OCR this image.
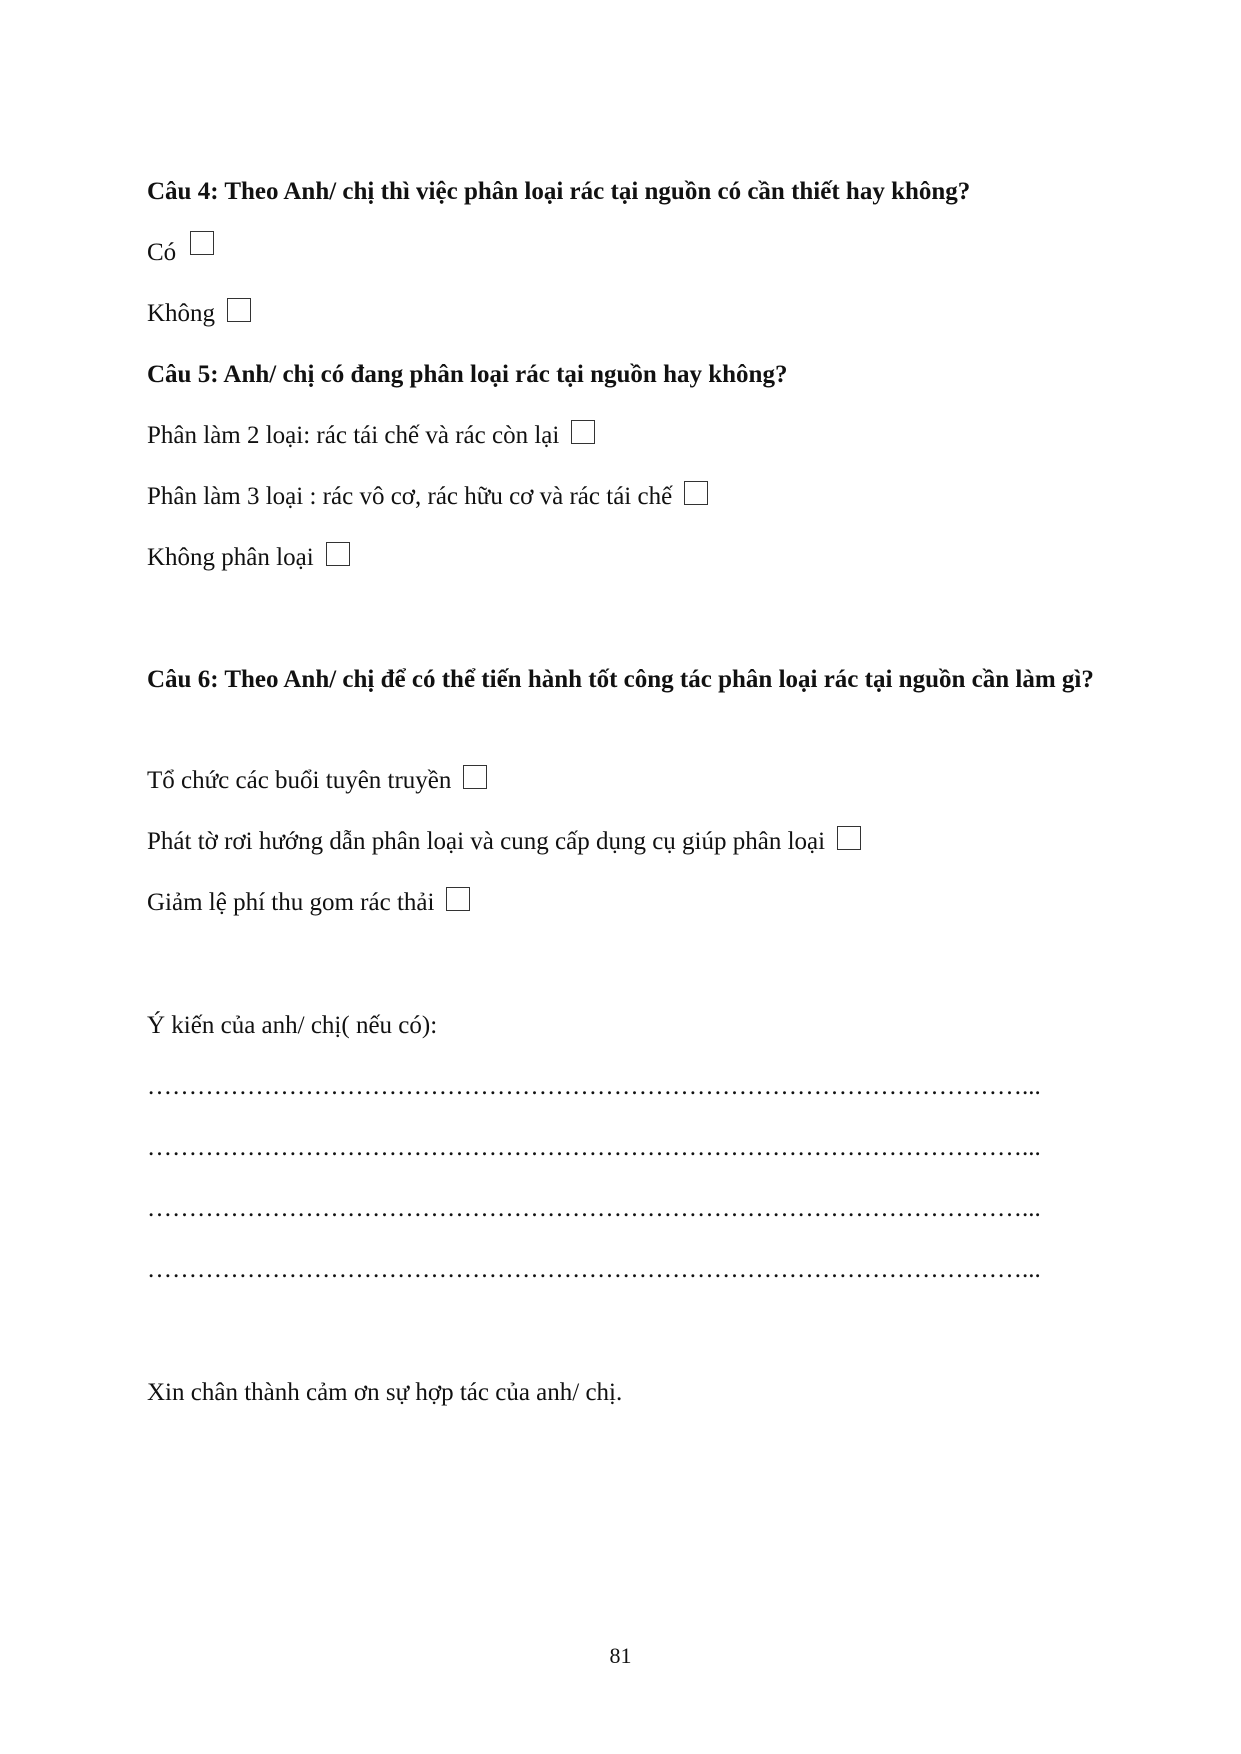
Câu 4: Theo Anh/ chị thì việc phân loại rác tại nguồn có cần thiết hay không?
Có
Không
Câu 5: Anh/ chị có đang phân loại rác tại nguồn hay không?
Phân làm 2 loại: rác tái chế và rác còn lại
Phân làm 3 loại : rác vô cơ, rác hữu cơ và rác tái chế
Không phân loại
Câu 6: Theo Anh/ chị để có thể tiến hành tốt công tác phân loại rác tại nguồn cần làm gì?
Tổ chức các buổi tuyên truyền
Phát tờ rơi hướng dẫn phân loại và cung cấp dụng cụ giúp phân loại
Giảm lệ phí thu gom rác thải
Ý kiến của anh/ chị( nếu có):
……………………………………………………………………………………………...
……………………………………………………………………………………………...
……………………………………………………………………………………………...
……………………………………………………………………………………………...
Xin chân thành cảm ơn sự hợp tác của anh/ chị.
81
